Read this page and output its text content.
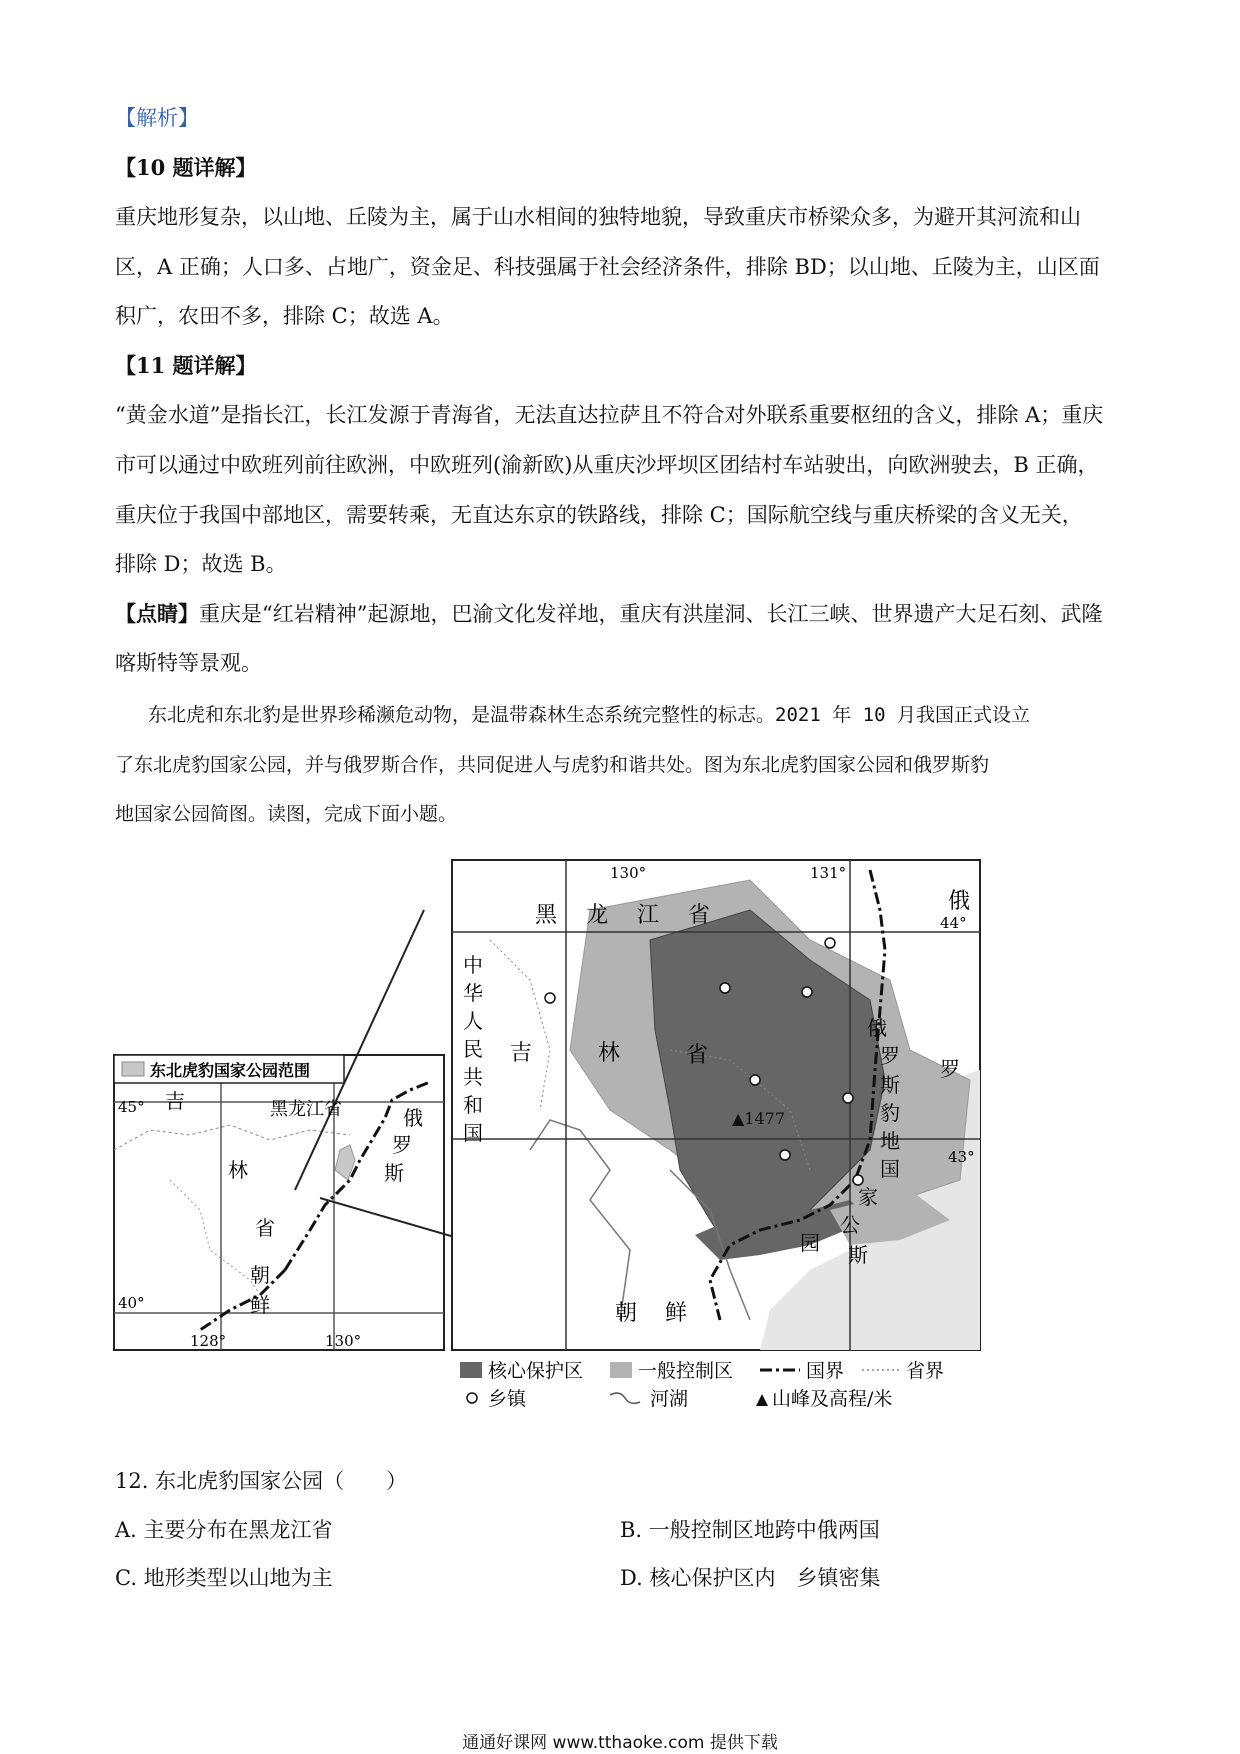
【解析】
【10 题详解】
重庆地形复杂，以山地、丘陵为主，属于山水相间的独特地貌，导致重庆市桥梁众多，为避开其河流和山
区，A 正确；人口多、占地广，资金足、科技强属于社会经济条件，排除 BD；以山地、丘陵为主，山区面
积广，农田不多，排除 C；故选 A。
【11 题详解】
“黄金水道”是指长江，长江发源于青海省，无法直达拉萨且不符合对外联系重要枢纽的含义，排除 A；重庆
市可以通过中欧班列前往欧洲，中欧班列(渝新欧)从重庆沙坪坝区团结村车站驶出，向欧洲驶去，B 正确，
重庆位于我国中部地区，需要转乘，无直达东京的铁路线，排除 C；国际航空线与重庆桥梁的含义无关，
排除 D；故选 B。
【点睛】重庆是“红岩精神”起源地，巴渝文化发祥地，重庆有洪崖洞、长江三峡、世界遗产大足石刻、武隆
喀斯特等景观。
东北虎和东北豹是世界珍稀濒危动物，是温带森林生态系统完整性的标志。2021 年 10 月我国正式设立
了东北虎豹国家公园，并与俄罗斯合作，共同促进人与虎豹和谐共处。图为东北虎豹国家公园和俄罗斯豹
地国家公园简图。读图，完成下面小题。
东北虎豹国家公园范围
黑龙江省
吉
林
省
俄
罗
斯
朝
鲜
45°
40°
128°	130°
130°	131°
44°
43°
俄
黑 龙 江 省
中
华
人
民
共
和
国
吉	林	省
俄
罗
斯
豹
地
国
家
公
园
罗
斯
朝 鲜
▲1477
核心保护区	一般控制区	国界	省界
乡镇	河湖	山峰及高程/米
12. 东北虎豹国家公园（　　）
A. 主要分布在黑龙江省	B. 一般控制区地跨中俄两国
C. 地形类型以山地为主	D. 核心保护区内　乡镇密集
通通好课网 www.tthaoke.com 提供下载
